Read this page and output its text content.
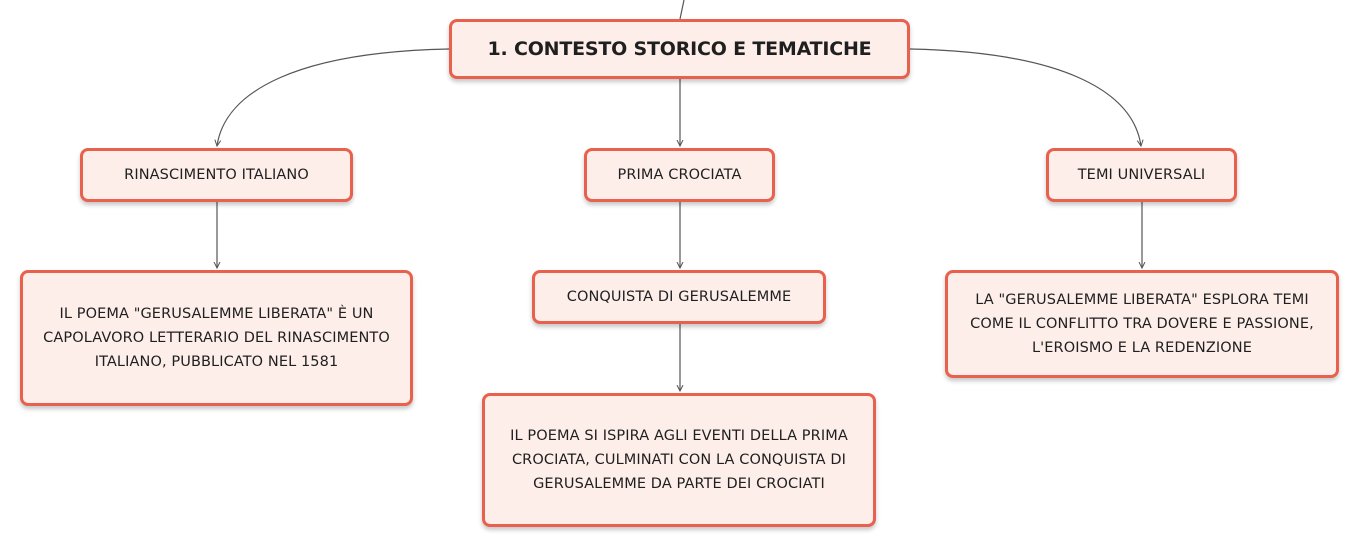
1. CONTESTO STORICO E TEMATICHE
RINASCIMENTO ITALIANO	PRIMA CROCIATA	TEMI UNIVERSALI
IL POEMA "GERUSALEMME LIBERATA" È UN CAPOLAVORO LETTERARIO DEL RINASCIMENTO ITALIANO, PUBBLICATO NEL 1581
CONQUISTA DI GERUSALEMME
IL POEMA SI ISPIRA AGLI EVENTI DELLA PRIMA CROCIATA, CULMINATI CON LA CONQUISTA DI GERUSALEMME DA PARTE DEI CROCIATI
LA "GERUSALEMME LIBERATA" ESPLORA TEMI COME IL CONFLITTO TRA DOVERE E PASSIONE, L'EROISMO E LA REDENZIONE
